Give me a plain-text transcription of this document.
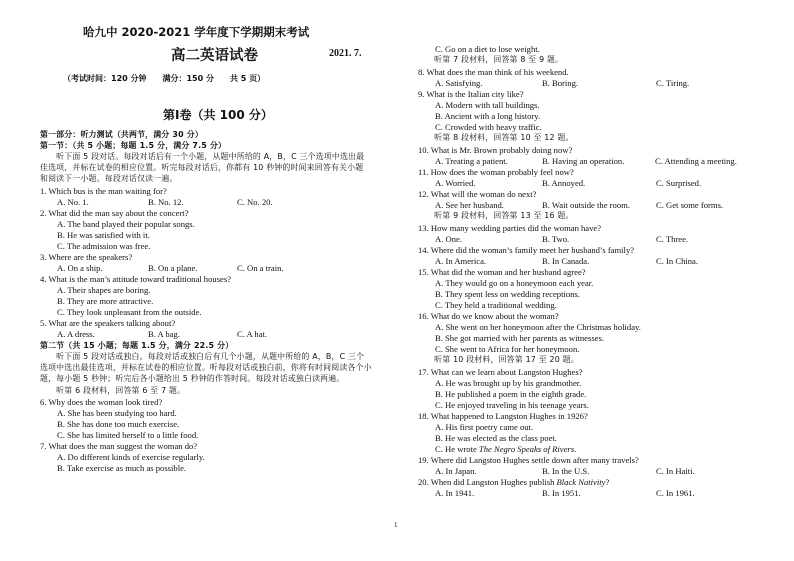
哈九中 2020-2021 学年度下学期期末考试
高二英语试卷	2021. 7.
（考试时间：120 分钟　　满分：150 分　　共 5 页）
第Ⅰ卷（共 100 分）
第一部分：听力测试（共两节，满分 30 分）
第一节：（共 5 小题；每题 1.5 分，满分 7.5 分）
　　听下面 5 段对话。每段对话后有一个小题，从题中所给的 A，B，C 三个选项中选出最
佳选项，并标在试卷的相应位置。听完每段对话后，你都有 10 秒钟的时间来回答有关小题
和阅读下一小题。每段对话仅读一遍。
1. Which bus is the man waiting for?
A. No. 1.	B. No. 12.	C. No. 20.
2. What did the man say about the concert?
A. The band played their popular songs.
B. He was satisfied with it.
C. The admission was free.
3. Where are the speakers?
A. On a ship.	B. On a plane.	C. On a train.
4. What is the man’s attitude toward traditional houses?
A. Their shapes are boring.
B. They are more attractive.
C. They look unpleasant from the outside.
5. What are the speakers talking about?
A. A dress.	B. A bag.	C. A hat.
第二节（共 15 小题；每题 1.5 分，满分 22.5 分）
　　听下面 5 段对话或独白。每段对话或独白后有几个小题，从题中所给的 A，B，C 三个
选项中选出最佳选项，并标在试卷的相应位置。听每段对话或独白前，你将有时间阅读各个小
题，每小题 5 秒钟；听完后各小题给出 5 秒钟的作答时间。每段对话或独白读两遍。
　　听第 6 段材料，回答第 6 至 7 题。
6. Why does the woman look tired?
A. She has been studying too hard.
B. She has done too much exercise.
C. She has limited herself to a little food.
7. What does the man suggest the woman do?
A. Do different kinds of exercise regularly.
B. Take exercise as much as possible.
C. Go on a diet to lose weight.
　　听第 7 段材料，回答第 8 至 9 题。
8. What does the man think of his weekend.
A. Satisfying.	B. Boring.	C. Tiring.
9. What is the Italian city like?
A. Modern with tall buildings.
B. Ancient with a long history.
C. Crowded with heavy traffic.
　　听第 8 段材料，回答第 10 至 12 题。
10. What is Mr. Brown probably doing now?
A. Treating a patient.	B. Having an operation.	C. Attending a meeting.
11. How does the woman probably feel now?
A. Worried.	B. Annoyed.	C. Surprised.
12. What will the woman do next?
A. See her husband.	B. Wait outside the room.	C. Get some forms.
　　听第 9 段材料，回答第 13 至 16 题。
13. How many wedding parties did the woman have?
A. One.	B. Two.	C. Three.
14. Where did the woman’s family meet her husband’s family?
A. In America.	B. In Canada.	C. In China.
15. What did the woman and her husband agree?
A. They would go on a honeymoon each year.
B. They spent less on wedding receptions.
C. They held a traditional wedding.
16. What do we know about the woman?
A. She went on her honeymoon after the Christmas holiday.
B. She got married with her parents as witnesses.
C. She went to Africa for her honeymoon.
　　听第 10 段材料，回答第 17 至 20 题。
17. What can we learn about Langston Hughes?
A. He was brought up by his grandmother.
B. He published a poem in the eighth grade.
C. He enjoyed traveling in his teenage years.
18. What happened to Langston Hughes in 1926?
A. His first poetry came out.
B. He was elected as the class poet.
C. He wrote The Negro Speaks of Rivers.
19. Where did Langston Hughes settle down after many travels?
A. In Japan.	B. In the U.S.	C. In Haiti.
20. When did Langston Hughes publish Black Nativity?
A. In 1941.	B. In 1951.	C. In 1961.
1
